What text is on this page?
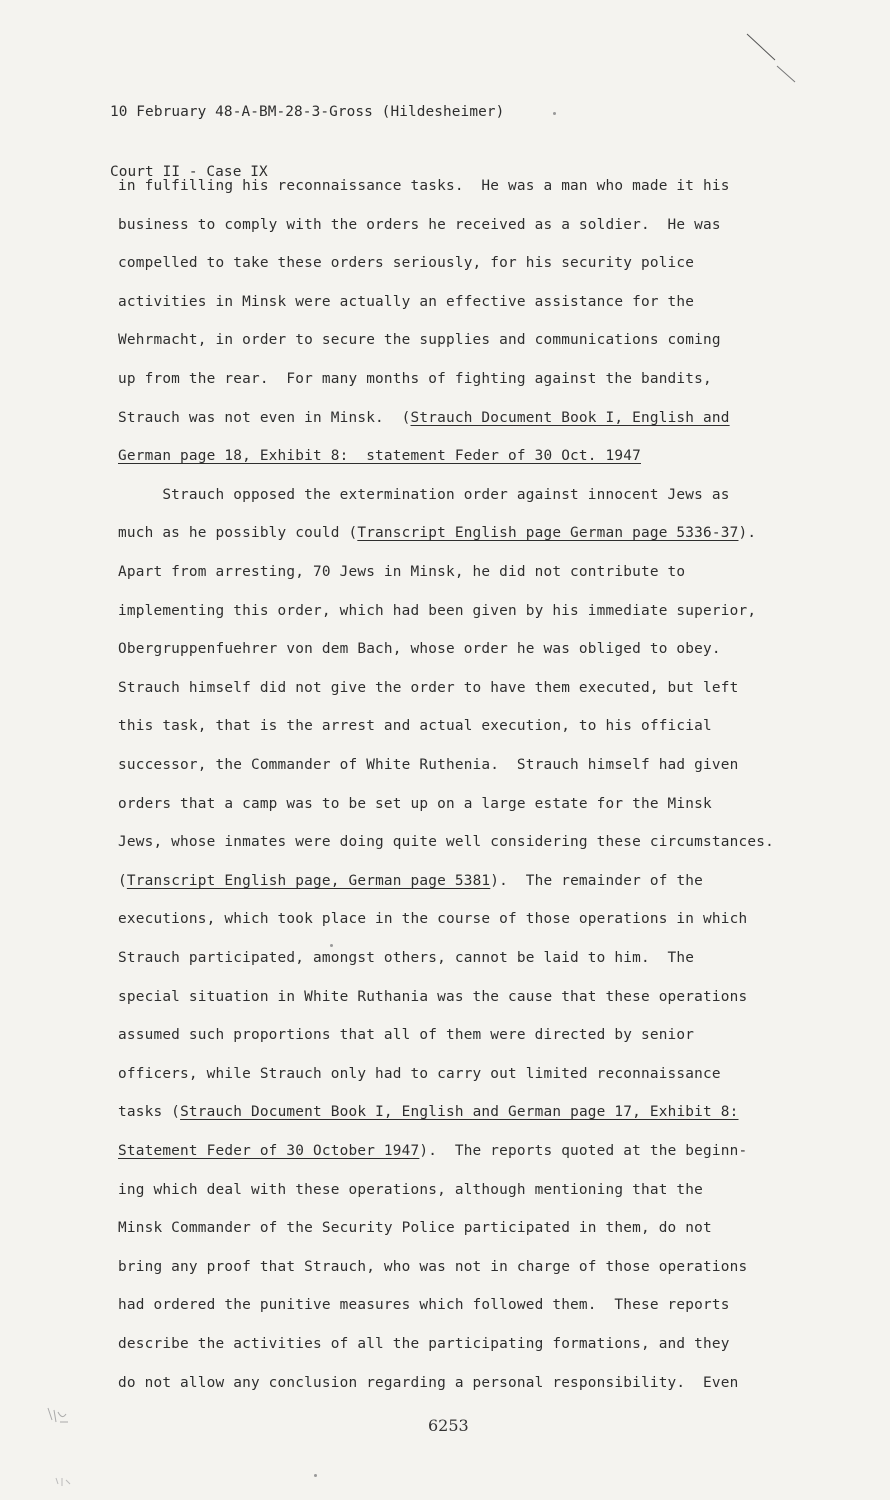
10 February 48-A-BM-28-3-Gross (Hildesheimer)

Court II - Case IX

in fulfilling his reconnaissance tasks.  He was a man who made it his
business to comply with the orders he received as a soldier.  He was
compelled to take these orders seriously, for his security police
activities in Minsk were actually an effective assistance for the
Wehrmacht, in order to secure the supplies and communications coming
up from the rear.  For many months of fighting against the bandits,
Strauch was not even in Minsk.  (Strauch Document Book I, English and
German page 18, Exhibit 8:  statement Feder of 30 Oct. 1947
Strauch opposed the extermination order against innocent Jews as
much as he possibly could (Transcript English page German page 5336-37).
Apart from arresting, 70 Jews in Minsk, he did not contribute to
implementing this order, which had been given by his immediate superior,
Obergruppenfuehrer von dem Bach, whose order he was obliged to obey.
Strauch himself did not give the order to have them executed, but left
this task, that is the arrest and actual execution, to his official
successor, the Commander of White Ruthenia.  Strauch himself had given
orders that a camp was to be set up on a large estate for the Minsk
Jews, whose inmates were doing quite well considering these circumstances.
(Transcript English page, German page 5381).  The remainder of the
executions, which took place in the course of those operations in which
Strauch participated, amongst others, cannot be laid to him.  The
special situation in White Ruthania was the cause that these operations
assumed such proportions that all of them were directed by senior
officers, while Strauch only had to carry out limited reconnaissance
tasks (Strauch Document Book I, English and German page 17, Exhibit 8:
Statement Feder of 30 October 1947).  The reports quoted at the beginn-
ing which deal with these operations, although mentioning that the
Minsk Commander of the Security Police participated in them, do not
bring any proof that Strauch, who was not in charge of those operations
had ordered the punitive measures which followed them.  These reports
describe the activities of all the participating formations, and they
do not allow any conclusion regarding a personal responsibility.  Even
6253
